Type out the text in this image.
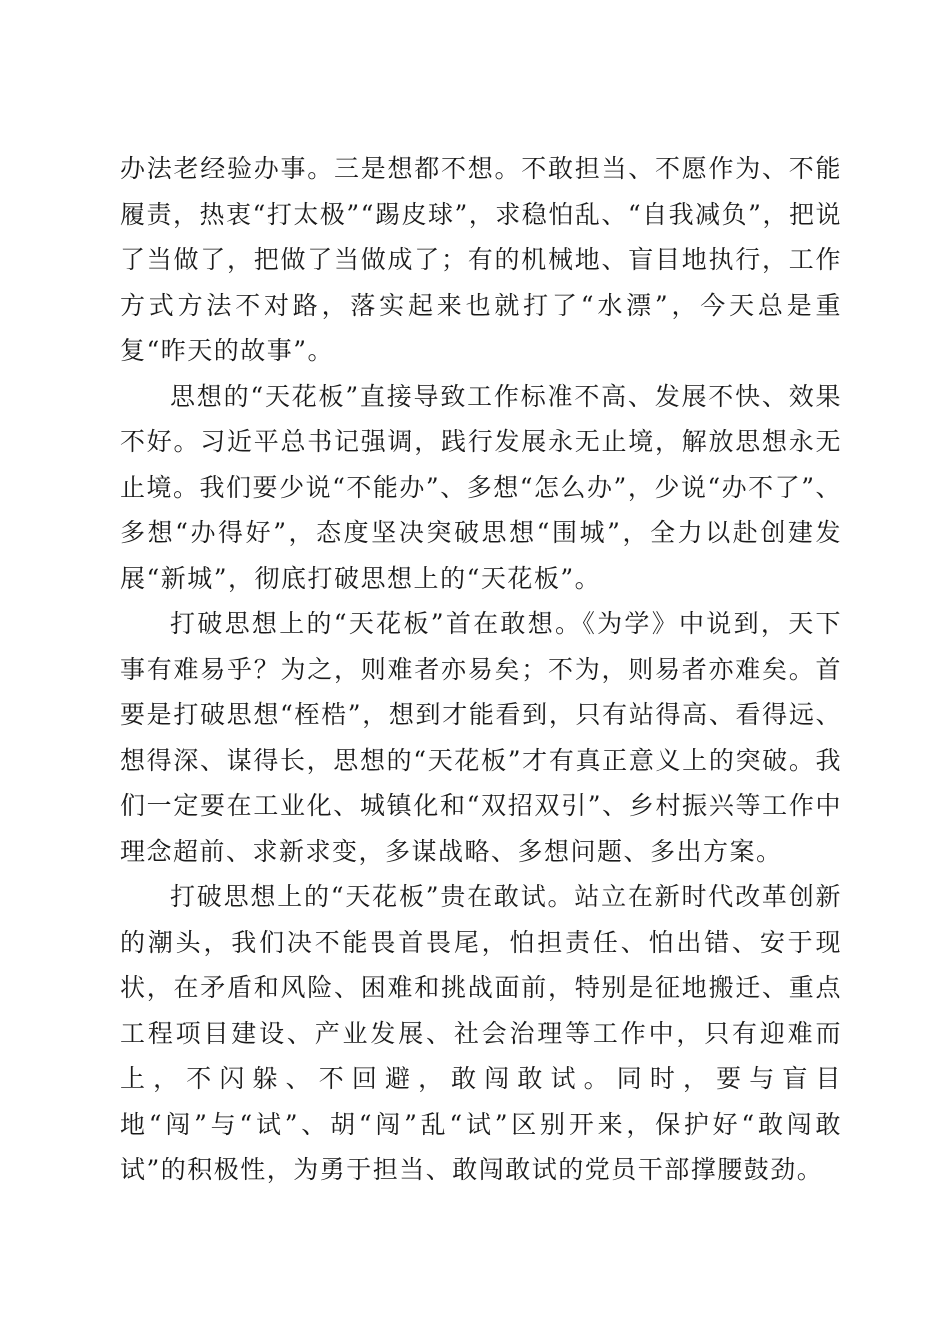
办法老经验办事。三是想都不想。不敢担当、不愿作为、不能履责，热衷“打太极”“踢皮球”，求稳怕乱、“自我减负”，把说了当做了，把做了当做成了；有的机械地、盲目地执行，工作方式方法不对路，落实起来也就打了“水漂”，今天总是重复“昨天的故事”。

思想的“天花板”直接导致工作标准不高、发展不快、效果不好。习近平总书记强调，践行发展永无止境，解放思想永无止境。我们要少说“不能办”、多想“怎么办”，少说“办不了”、多想“办得好”，态度坚决突破思想“围城”，全力以赴创建发展“新城”，彻底打破思想上的“天花板”。

打破思想上的“天花板”首在敢想。《为学》中说到，天下事有难易乎？为之，则难者亦易矣；不为，则易者亦难矣。首要是打破思想“桎梏”，想到才能看到，只有站得高、看得远、想得深、谋得长，思想的“天花板”才有真正意义上的突破。我们一定要在工业化、城镇化和“双招双引”、乡村振兴等工作中理念超前、求新求变，多谋战略、多想问题、多出方案。

打破思想上的“天花板”贵在敢试。站立在新时代改革创新的潮头，我们决不能畏首畏尾，怕担责任、怕出错、安于现状，在矛盾和风险、困难和挑战面前，特别是征地搬迁、重点工程项目建设、产业发展、社会治理等工作中，只有迎难而上，不闪躲、不回避，敢闯敢试。同时，要与盲目地“闯”与“试”、胡“闯”乱“试”区别开来，保护好“敢闯敢试”的积极性，为勇于担当、敢闯敢试的党员干部撑腰鼓劲。
